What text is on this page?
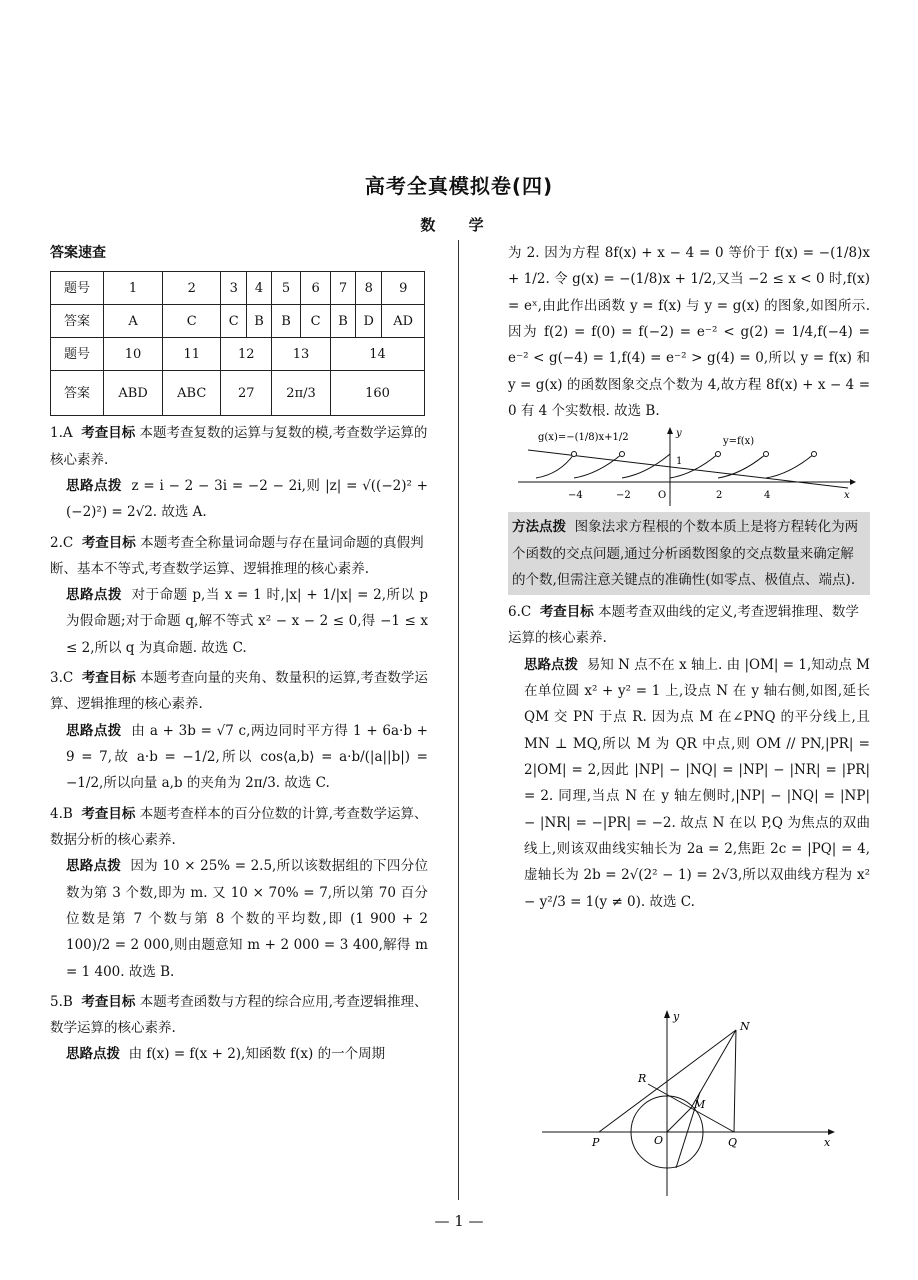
高考全真模拟卷(四)
数 学
答案速查
题号	1	2	3	4	5	6	7	8	9
答案	A	C	C	B	B	C	B	D	AD
题号	10	11	12		13		14		
答案	ABD	ABC	27		2π/3		160		
1.A 考查目标 本题考查复数的运算与复数的模,考查数学运算的核心素养.

思路点拨 z = i − 2 − 3i = −2 − 2i,则 |z| = √((−2)² + (−2)²) = 2√2. 故选 A.

2.C 考查目标 本题考查全称量词命题与存在量词命题的真假判断、基本不等式,考查数学运算、逻辑推理的核心素养.

思路点拨 对于命题 p,当 x = 1 时,|x| + 1/|x| = 2,所以 p 为假命题;对于命题 q,解不等式 x² − x − 2 ≤ 0,得 −1 ≤ x ≤ 2,所以 q 为真命题. 故选 C.

3.C 考查目标 本题考查向量的夹角、数量积的运算,考查数学运算、逻辑推理的核心素养.

思路点拨 由 a + 3b = √7 c,两边同时平方得 1 + 6a·b + 9 = 7,故 a·b = −1/2,所以 cos⟨a,b⟩ = a·b/(|a||b|) = −1/2,所以向量 a,b 的夹角为 2π/3. 故选 C.

4.B 考查目标 本题考查样本的百分位数的计算,考查数学运算、数据分析的核心素养.

思路点拨 因为 10 × 25% = 2.5,所以该数据组的下四分位数为第 3 个数,即为 m. 又 10 × 70% = 7,所以第 70 百分位数是第 7 个数与第 8 个数的平均数,即 (1 900 + 2 100)/2 = 2 000,则由题意知 m + 2 000 = 3 400,解得 m = 1 400. 故选 B.

5.B 考查目标 本题考查函数与方程的综合应用,考查逻辑推理、数学运算的核心素养.

思路点拨 由 f(x) = f(x + 2),知函数 f(x) 的一个周期

为 2. 因为方程 8f(x) + x − 4 = 0 等价于 f(x) = −(1/8)x + 1/2. 令 g(x) = −(1/8)x + 1/2,又当 −2 ≤ x < 0 时,f(x) = eˣ,由此作出函数 y = f(x) 与 y = g(x) 的图象,如图所示. 因为 f(2) = f(0) = f(−2) = e⁻² < g(2) = 1/4,f(−4) = e⁻² < g(−4) = 1,f(4) = e⁻² > g(4) = 0,所以 y = f(x) 和 y = g(x) 的函数图象交点个数为 4,故方程 8f(x) + x − 4 = 0 有 4 个实数根. 故选 B.

g(x)=−(1/8)x+1/2	y=f(x)
−4	−2	O	2	4
1
x
y
方法点拨 图象法求方程根的个数本质上是将方程转化为两个函数的交点问题,通过分析函数图象的交点数量来确定解的个数,但需注意关键点的准确性(如零点、极值点、端点).
6.C 考查目标 本题考查双曲线的定义,考查逻辑推理、数学运算的核心素养.

思路点拨 易知 N 点不在 x 轴上. 由 |OM| = 1,知动点 M 在单位圆 x² + y² = 1 上,设点 N 在 y 轴右侧,如图,延长 QM 交 PN 于点 R. 因为点 M 在∠PNQ 的平分线上,且 MN ⊥ MQ,所以 M 为 QR 中点,则 OM // PN,|PR| = 2|OM| = 2,因此 |NP| − |NQ| = |NP| − |NR| = |PR| = 2. 同理,当点 N 在 y 轴左侧时,|NP| − |NQ| = |NP| − |NR| = −|PR| = −2. 故点 N 在以 P,Q 为焦点的双曲线上,则该双曲线实轴长为 2a = 2,焦距 2c = |PQ| = 4,虚轴长为 2b = 2√(2² − 1) = 2√3,所以双曲线方程为 x² − y²/3 = 1(y ≠ 0). 故选 C.

N
R
M
P	O	Q	x
y
— 1 —
